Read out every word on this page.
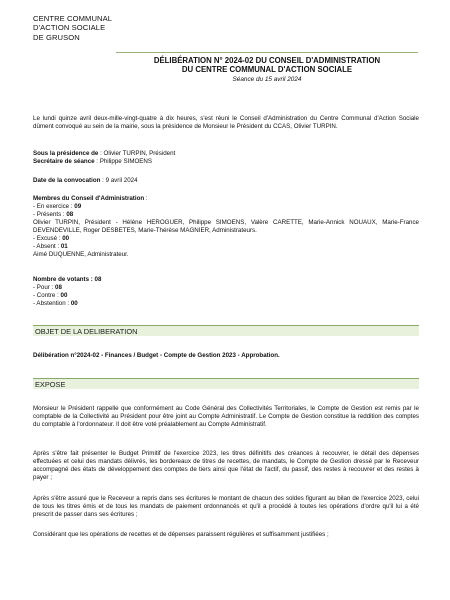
CENTRE COMMUNAL
D'ACTION SOCIALE
DE GRUSON
DÉLIBÉRATION N° 2024-02 DU CONSEIL D'ADMINISTRATION
DU CENTRE COMMUNAL D'ACTION SOCIALE
Séance du 15 avril 2024
Le lundi quinze avril deux-mille-vingt-quatre à dix heures, s'est réuni le Conseil d'Administration du Centre Communal d'Action Sociale dûment convoqué au sein de la mairie, sous la présidence de Monsieur le Président du CCAS, Olivier TURPIN.
Sous la présidence de : Olivier TURPIN, Président
Secrétaire de séance : Philippe SIMOENS
Date de la convocation : 9 avril 2024
Membres du Conseil d'Administration :
- En exercice : 09
- Présents : 08
Olivier TURPIN, Président - Hélène HEROGUER, Philippe SIMOENS, Valère CARETTE, Marie-Annick NOUAUX, Marie-France DEVENDEVILLE, Roger DESBETES, Marie-Thérèse MAGNIER, Administrateurs.
- Excusé : 00
- Absent : 01
Aimé DUQUENNE, Administrateur.
Nombre de votants : 08
- Pour : 08
- Contre : 00
- Abstention : 00
OBJET DE LA DELIBERATION
Délibération n°2024-02 - Finances / Budget - Compte de Gestion 2023 - Approbation.
EXPOSE
Monsieur le Président rappelle que conformément au Code Général des Collectivités Territoriales, le Compte de Gestion est remis par le comptable de la Collectivité au Président pour être joint au Compte Administratif. Le Compte de Gestion constitue la reddition des comptes du comptable à l'ordonnateur. Il doit être voté préalablement au Compte Administratif.
Après s'être fait présenter le Budget Primitif de l'exercice 2023, les titres définitifs des créances à recouvrer, le détail des dépenses effectuées et celui des mandats délivrés, les bordereaux de titres de recettes, de mandats, le Compte de Gestion dressé par le Receveur accompagné des états de développement des comptes de tiers ainsi que l'état de l'actif, du passif, des restes à recouvrer et des restes à payer ;
Après s'être assuré que le Receveur a repris dans ses écritures le montant de chacun des soldes figurant au bilan de l'exercice 2023, celui de tous les titres émis et de tous les mandats de paiement ordonnancés et qu'il a procédé à toutes les opérations d'ordre qu'il lui a été prescrit de passer dans ses écritures ;
Considérant que les opérations de recettes et de dépenses paraissent régulières et suffisamment justifiées ;
